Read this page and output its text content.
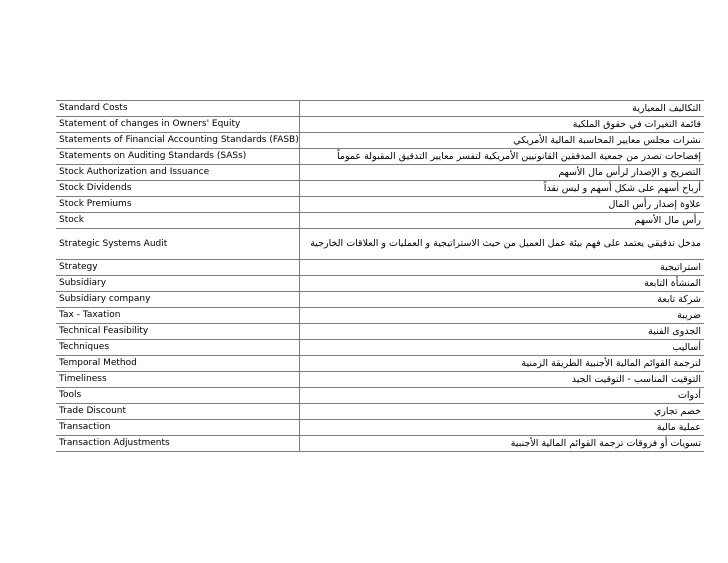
Standard Costs	التكاليف المعيارية
Statement of changes in Owners' Equity	قائمة التغيرات في حقوق الملكية
Statements of Financial Accounting Standards (FASB)	نشرات مجلس معايير المحاسبة المالية الأمريكي
Statements on Auditing Standards (SASs)	إفصاحات تصدر من جمعية المدققين القانونيين الأمريكية لتفسر معايير التدقيق المقبولة عموماً
Stock Authorization and Issuance	التصريح و الإصدار لرأس مال الأسهم
Stock Dividends	أرباح أسهم على شكل أسهم و ليس نقداً
Stock Premiums	علاوة إصدار رأس المال
Stock	رأس مال الأسهم
Strategic Systems Audit	مدخل تدقيقي يعتمد على فهم بيئة عمل العميل من حيث الاستراتيجية و العمليات و العلاقات الخارجية
Strategy	استراتيجية
Subsidiary	المنشأة التابعة
Subsidiary company	شركة تابعة
Tax - Taxation	ضريبة
Technical Feasibility	الجدوى الفنية
Techniques	أساليب
Temporal Method	لترجمة القوائم المالية الأجنبية الطريقة الزمنية
Timeliness	التوقيت المناسب - التوقيت الجيد
Tools	أدوات
Trade Discount	خصم تجاري
Transaction	عملية مالية
Transaction Adjustments	تسويات أو فروقات ترجمة القوائم المالية الأجنبية
